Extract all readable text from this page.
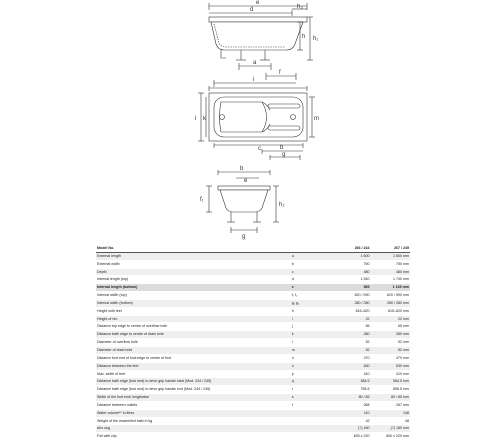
e
d	h₃
h₁
h
a
f
i
k
l	m
c	b
g
b
e
h₂
f₁
g
Model No.		266 / 244	267 / 245
External length	a	1 600	1 800 mm
External width	b	750	750 mm
Depth	c	480	480 mm
Internal length (top)	d	1 540	1 740 mm
Internal length (bottom)	e	965	1 165 mm
Internal width (top)	f₁ f₂	620 / 590	620 / 590 mm
Internal width (bottom)	g₁ g₂	280 / 280	280 / 280 mm
Height with feet	h	615–620	615–620 mm
Height of rim	i	22	22 mm
Distance top edge to centre of overflow hole	j	65	65 mm
Distance bath edge to centre of drain hole	k	280	280 mm
Diameter of overflow hole	l	52	52 mm
Diameter of drain hole	m	52	52 mm
Distance foot end of foot-edge to centre of foot	n	470	470 mm
Distance between the feet	o	630	630 mm
Max. width of feet	p	410	410 mm
Distance bath edge (foot end) to drive grip handle start (Mod. 244 / 245)	q	484.5	584.5 mm
Distance bath edge (foot end) to drive grip handle end (Mod. 244 / 245)	r	756.5	856.5 mm
Width of the foot end/ lengthwise	s	80 / 85	80 / 85 mm
Distance between outlets	t	268	267 mm
Water volume** in litres		110	148
Weight of the enamelled bath in kg		42	48
Airs usg		(?) 180	(?) 180 mm
Foil with clip		600 x 220	600 x 220 mm
